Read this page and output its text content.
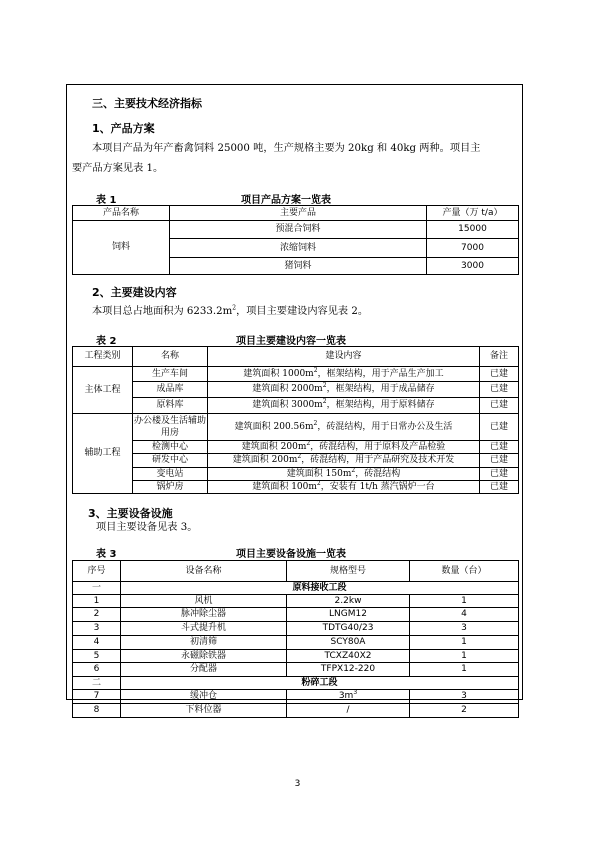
三、主要技术经济指标
1、产品方案
本项目产品为年产畜禽饲料 25000 吨，生产规格主要为 20kg 和 40kg 两种。项目主
要产品方案见表 1。
表 1	项目产品方案一览表
产品名称	主要产品	产量（万 t/a）
饲料	预混合饲料	15000
	浓缩饲料	7000
	猪饲料	3000
2、主要建设内容
本项目总占地面积为 $6233.2m^2$，项目主要建设内容见表 2。
表 2	项目主要建设内容一览表
工程类别	名称	建设内容	备注
主体工程	生产车间	建筑面积 $1000m^2$，框架结构，用于产品生产加工	已建
	成品库	建筑面积 $2000m^2$，框架结构，用于成品储存	已建
	原料库	建筑面积 $3000m^2$，框架结构，用于原料储存	已建
辅助工程	办公楼及生活辅助用房	建筑面积 $200.56m^2$，砖混结构，用于日常办公及生活	已建
	检测中心	建筑面积 $200m^2$，砖混结构，用于原料及产品检验	已建
	研发中心	建筑面积 $200m^2$，砖混结构，用于产品研究及技术开发	已建
	变电站	建筑面积 $150m^2$，砖混结构	已建
	锅炉房	建筑面积 $100m^2$，安装有 1t/h 蒸汽锅炉一台	已建
3、主要设备设施
项目主要设备见表 3。
表 3	项目主要设备设施一览表
序号	设备名称	规格型号	数量（台）
一	原料接收工段		
1	风机	2.2kw	1
2	脉冲除尘器	LNGM12	4
3	斗式提升机	TDTG40/23	3
4	初清筛	SCY80A	1
5	永磁除铁器	TCXZ40X2	1
6	分配器	TFPX12-220	1
二	粉碎工段		
7	缓冲仓	$3m^3$	3
8	下料位器	/	2
3
